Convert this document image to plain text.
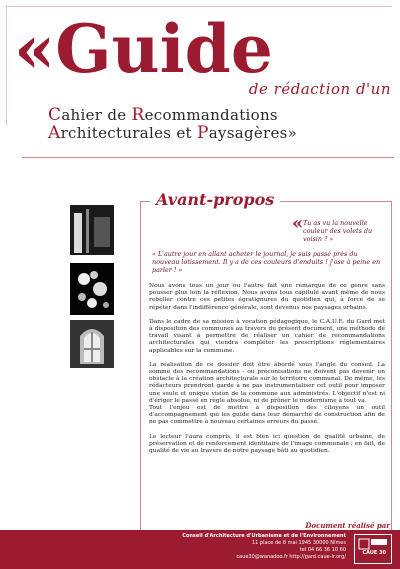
«Guide
de rédaction d'un
Cahier de Recommandations
Architecturales et Paysagères»
Avant-propos
« Tu as vu la nouvelle couleur des volets du voisin ? »
« L'autre jour en allant acheter le journal, je suis passé près du nouveau lotissement. Il y a de ces couleurs d'enduits ! j'ose à peine en parler ! »

Nous avons tous un jour ou l'autre fait une remarque de ce genre sans pousser plus loin la réflexion. Nous avons tous capitulé avant même de nous rebeller contre ces petites égratignures du quotidien qui, à force de se répéter dans l'indifférence générale, sont devenus nos paysages urbains.

Dans le cadre de sa mission à vocation pédagogique, le C.A.U.E. du Gard met à disposition des communes au travers du présent document, une méthode de travail visant à permettre de réaliser un cahier de recommandations architecturales qui viendra compléter les prescriptions réglementaires applicables sur la commune.

La réalisation de ce dossier doit être abordé sous l'angle du conseil. La somme des recommandations - ou préconisations ne doivent pas devenir un obstacle à la création architecturale sur le territoire communal. De même, les rédacteurs prendront garde à ne pas instrumentaliser cet outil pour imposer une seule et unique vision de la commune aux administrés. L'objectif n'est ni d'ériger le passé en règle absolue, ni de prôner le modernisme à tout va.

Tout l'enjeu est de mettre à disposition des citoyens un outil d'accompagnement qui les guide dans leur démarche de construction afin de ne pas commettre à nouveau certaines erreurs du passé.

Le lecteur l'aura compris, il est bien ici question de qualité urbaine, de préservation et de renforcement identitaire de l'image communale ; en fait, de qualité de vie au travers de notre paysage bâti au quotidien.

Document réalisé par
Conseil d'Architecture d'Urbanisme et de l'Environnement
11 place de 8 mai 1945 30000 Nîmes
tel 04 66 36 10 60
caue30@wanadoo.fr http://gard.caue-lr.org/
CAUE 30
